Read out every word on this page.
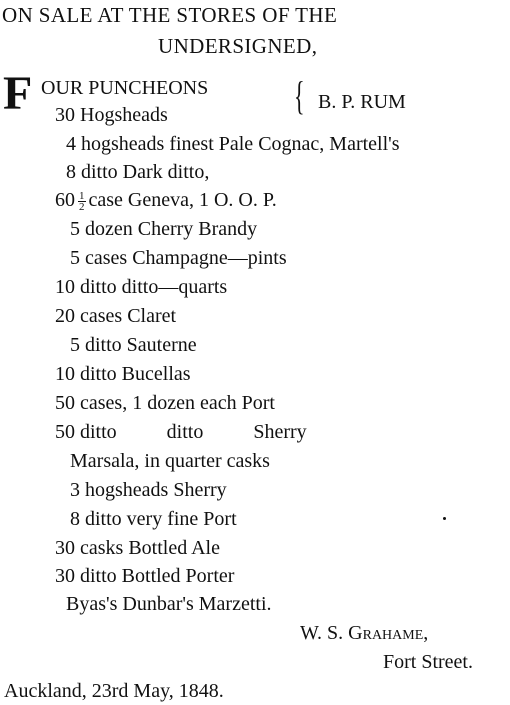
ON SALE AT THE STORES OF THE
UNDERSIGNED,
F OUR PUNCHEONS
30 Hogsheads	{ B. P. RUM
4 hogsheads finest Pale Cognac, Martell's
8 ditto Dark ditto,
$60 \frac{1}{2}$ case Geneva, 1 O. O. P.
5 dozen Cherry Brandy
5 cases Champagne—pints
10 ditto ditto—quarts
20 cases Claret
5 ditto Sauterne
10 ditto Bucellas
50 cases, 1 dozen each Port
50 ditto          ditto          Sherry
Marsala, in quarter casks
3 hogsheads Sherry
8 ditto very fine Port
30 casks Bottled Ale
30 ditto Bottled Porter
Byas's Dunbar's Marzetti.
W. S. Grahame,
Fort Street.
Auckland, 23rd May, 1848.
